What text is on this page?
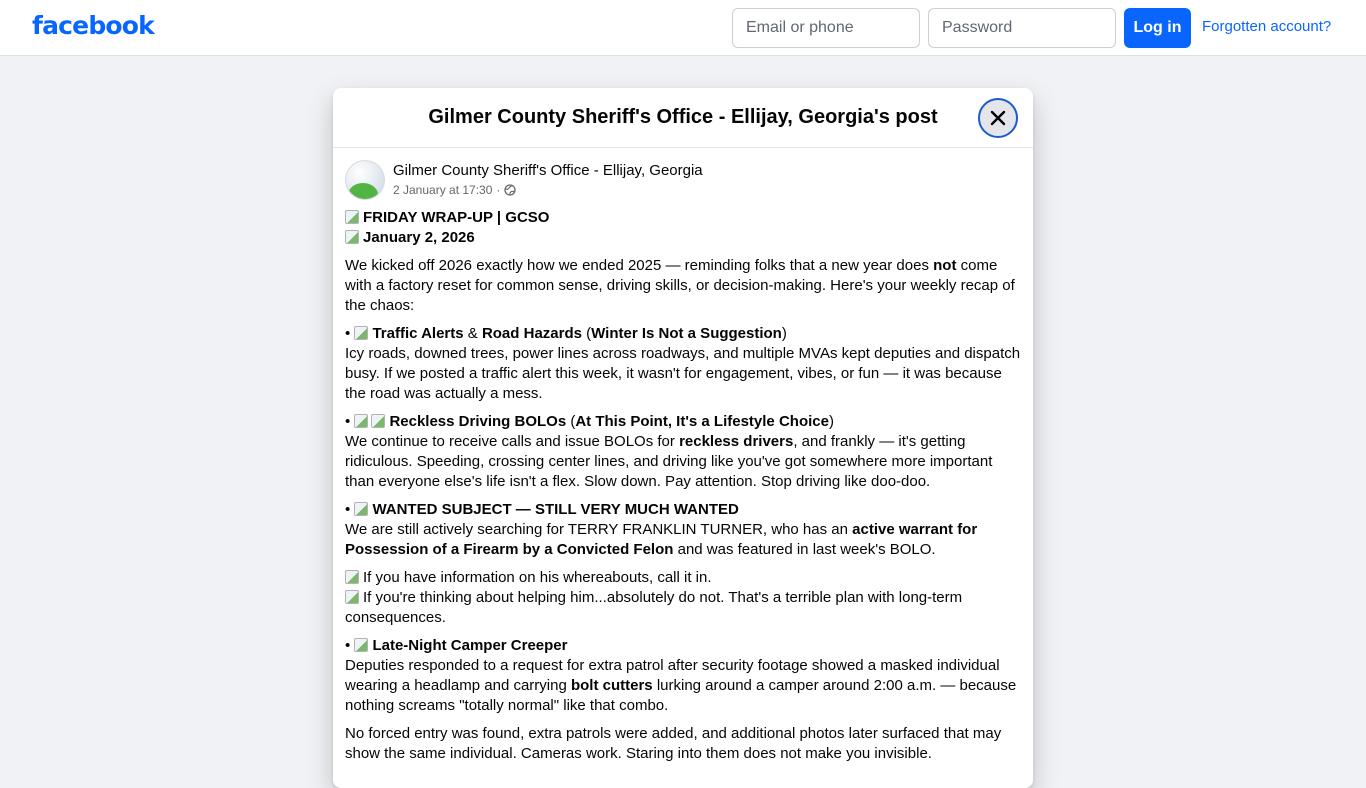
facebook
Email or phone	Log in	Forgotten account?
Gilmer County Sheriff's Office - Ellijay, Georgia's post
Gilmer County Sheriff's Office - Ellijay, Georgia
2 January at 17:30 ·

FRIDAY WRAP-UP | GCSO
January 2, 2026

We kicked off 2026 exactly how we ended 2025 — reminding folks that a new year does not come with a factory reset for common sense, driving skills, or decision-making. Here's your weekly recap of the chaos:

• Traffic Alerts & Road Hazards (Winter Is Not a Suggestion)
Icy roads, downed trees, power lines across roadways, and multiple MVAs kept deputies and dispatch busy. If we posted a traffic alert this week, it wasn't for engagement, vibes, or fun — it was because the road was actually a mess.

•	Reckless Driving BOLOs (At This Point, It's a Lifestyle Choice)
We continue to receive calls and issue BOLOs for reckless drivers, and frankly — it's getting ridiculous. Speeding, crossing center lines, and driving like you've got somewhere more important than everyone else's life isn't a flex. Slow down. Pay attention. Stop driving like doo-doo.

• WANTED SUBJECT — STILL VERY MUCH WANTED
We are still actively searching for TERRY FRANKLIN TURNER, who has an active warrant for Possession of a Firearm by a Convicted Felon and was featured in last week's BOLO.

If you have information on his whereabouts, call it in.
If you're thinking about helping him...absolutely do not. That's a terrible plan with long-term consequences.

• Late-Night Camper Creeper
Deputies responded to a request for extra patrol after security footage showed a masked individual wearing a headlamp and carrying bolt cutters lurking around a camper around 2:00 a.m. — because nothing screams "totally normal" like that combo.

No forced entry was found, extra patrols were added, and additional photos later surfaced that may show the same individual. Cameras work. Staring into them does not make you invisible.
